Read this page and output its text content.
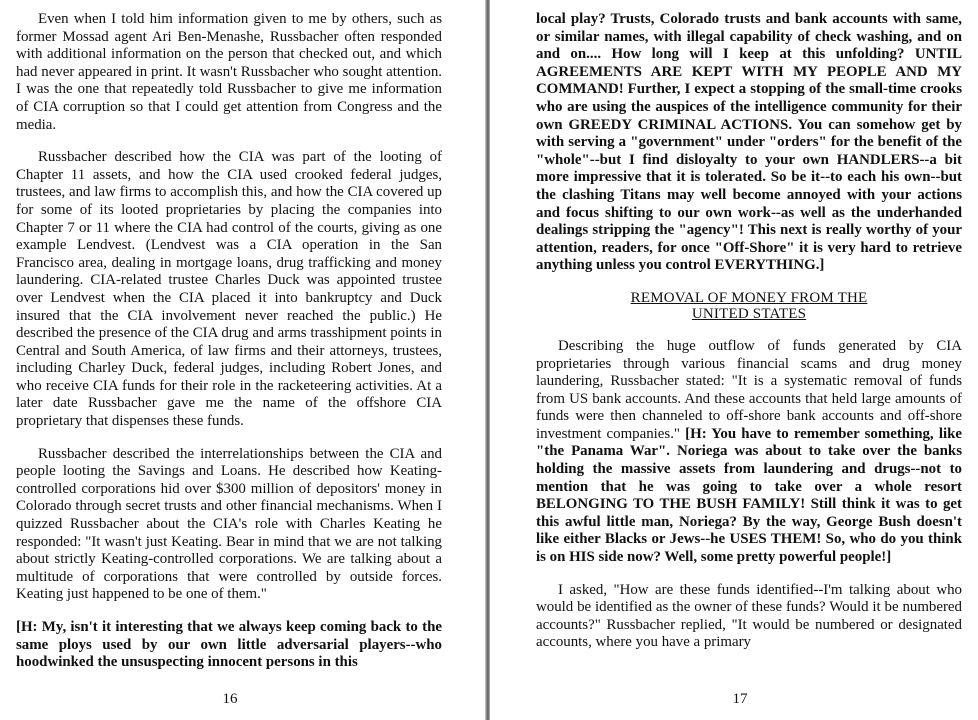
Even when I told him information given to me by others, such as former Mossad agent Ari Ben-Menashe, Russbacher often responded with additional information on the person that checked out, and which had never appeared in print. It wasn't Russbacher who sought attention. I was the one that repeatedly told Russbacher to give me information of CIA corruption so that I could get attention from Congress and the media.

Russbacher described how the CIA was part of the looting of Chapter 11 assets, and how the CIA used crooked federal judges, trustees, and law firms to accomplish this, and how the CIA covered up for some of its looted proprietaries by placing the companies into Chapter 7 or 11 where the CIA had control of the courts, giving as one example Lendvest. (Lendvest was a CIA operation in the San Francisco area, dealing in mortgage loans, drug trafficking and money laundering. CIA-related trustee Charles Duck was appointed trustee over Lendvest when the CIA placed it into bankruptcy and Duck insured that the CIA involvement never reached the public.) He described the presence of the CIA drug and arms trasshipment points in Central and South America, of law firms and their attorneys, trustees, including Charley Duck, federal judges, including Robert Jones, and who receive CIA funds for their role in the racketeering activities. At a later date Russbacher gave me the name of the offshore CIA proprietary that dispenses these funds.

Russbacher described the interrelationships between the CIA and people looting the Savings and Loans. He described how Keating-controlled corporations hid over $300 million of depositors' money in Colorado through secret trusts and other financial mechanisms. When I quizzed Russbacher about the CIA's role with Charles Keating he responded: "It wasn't just Keating. Bear in mind that we are not talking about strictly Keating-controlled corporations. We are talking about a multitude of corporations that were controlled by outside forces. Keating just happened to be one of them."

[H: My, isn't it interesting that we always keep coming back to the same ploys used by our own little adversarial players--who hoodwinked the unsuspecting innocent persons in this

16

local play? Trusts, Colorado trusts and bank accounts with same, or similar names, with illegal capability of check washing, and on and on.... How long will I keep at this unfolding? UNTIL AGREEMENTS ARE KEPT WITH MY PEOPLE AND MY COMMAND! Further, I expect a stopping of the small-time crooks who are using the auspices of the intelligence community for their own GREEDY CRIMINAL ACTIONS. You can somehow get by with serving a "government" under "orders" for the benefit of the "whole"--but I find disloyalty to your own HANDLERS--a bit more impressive that it is tolerated. So be it--to each his own--but the clashing Titans may well become annoyed with your actions and focus shifting to our own work--as well as the underhanded dealings stripping the "agency"! This next is really worthy of your attention, readers, for once "Off-Shore" it is very hard to retrieve anything unless you control EVERYTHING.]

REMOVAL OF MONEY FROM THE
UNITED STATES

Describing the huge outflow of funds generated by CIA proprietaries through various financial scams and drug money laundering, Russbacher stated: "It is a systematic removal of funds from US bank accounts. And these accounts that held large amounts of funds were then channeled to off-shore bank accounts and off-shore investment companies." [H: You have to remember something, like "the Panama War". Noriega was about to take over the banks holding the massive assets from laundering and drugs--not to mention that he was going to take over a whole resort BELONGING TO THE BUSH FAMILY! Still think it was to get this awful little man, Noriega? By the way, George Bush doesn't like either Blacks or Jews--he USES THEM! So, who do you think is on HIS side now? Well, some pretty powerful people!]

I asked, "How are these funds identified--I'm talking about who would be identified as the owner of these funds? Would it be numbered accounts?" Russbacher replied, "It would be numbered or designated accounts, where you have a primary

17
